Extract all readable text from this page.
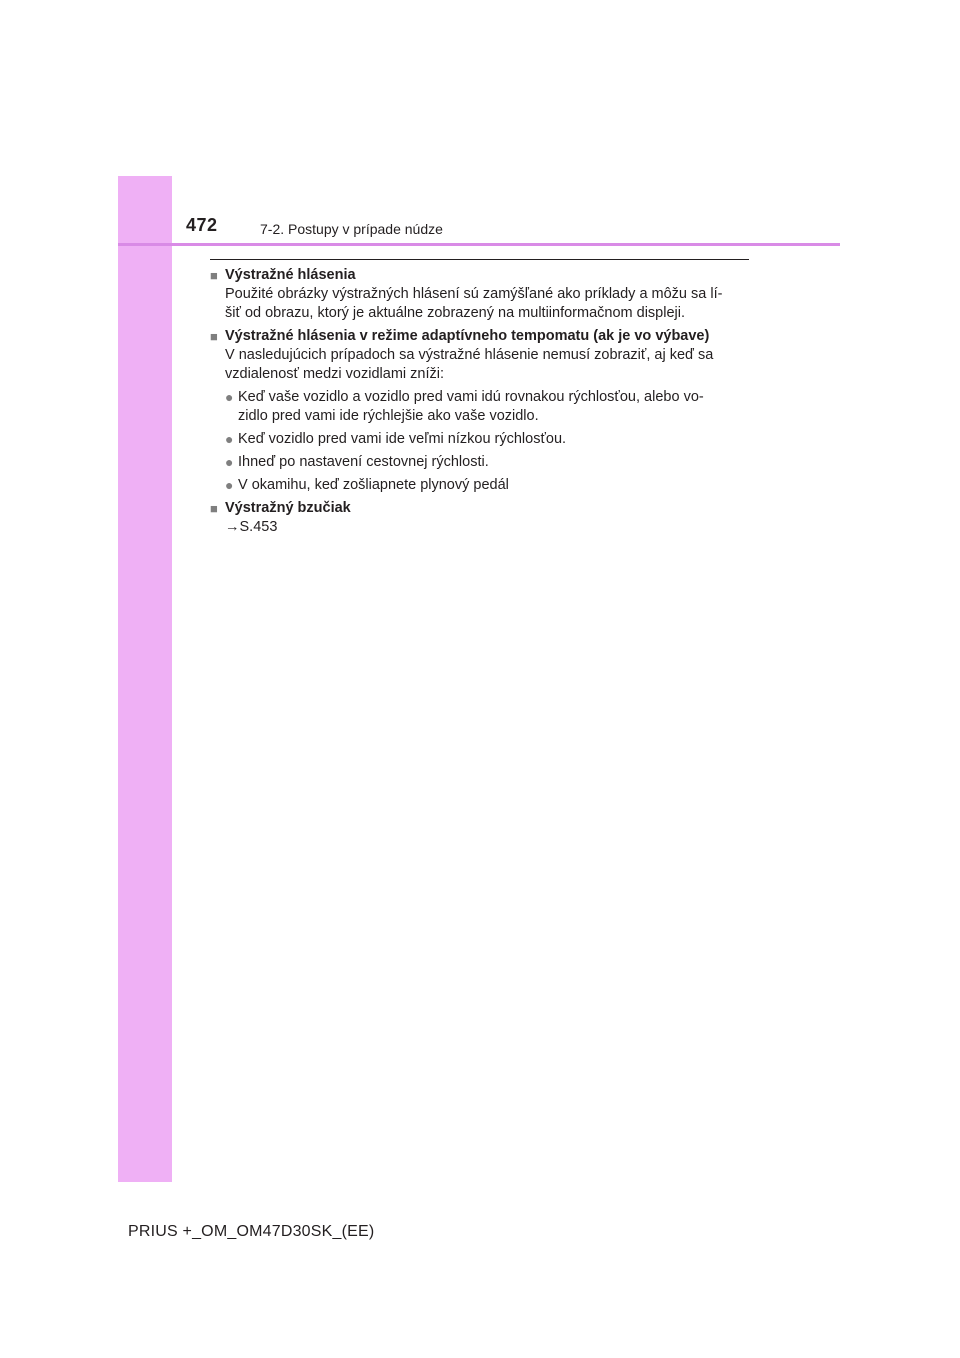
472	7-2. Postupy v prípade núdze

■ Výstražné hlásenia

Použité obrázky výstražných hlásení sú zamýšľané ako príklady a môžu sa lí-
šiť od obrazu, ktorý je aktuálne zobrazený na multiinformačnom displeji.

■ Výstražné hlásenia v režime adaptívneho tempomatu (ak je vo výbave)

V nasledujúcich prípadoch sa výstražné hlásenie nemusí zobraziť, aj keď sa
vzdialenosť medzi vozidlami zníži:

● Keď vaše vozidlo a vozidlo pred vami idú rovnakou rýchlosťou, alebo vo-
zidlo pred vami ide rýchlejšie ako vaše vozidlo.
● Keď vozidlo pred vami ide veľmi nízkou rýchlosťou.
● Ihneď po nastavení cestovnej rýchlosti.
● V okamihu, keď zošliapnete plynový pedál

■ Výstražný bzučiak

→S.453

PRIUS +_OM_OM47D30SK_(EE)
